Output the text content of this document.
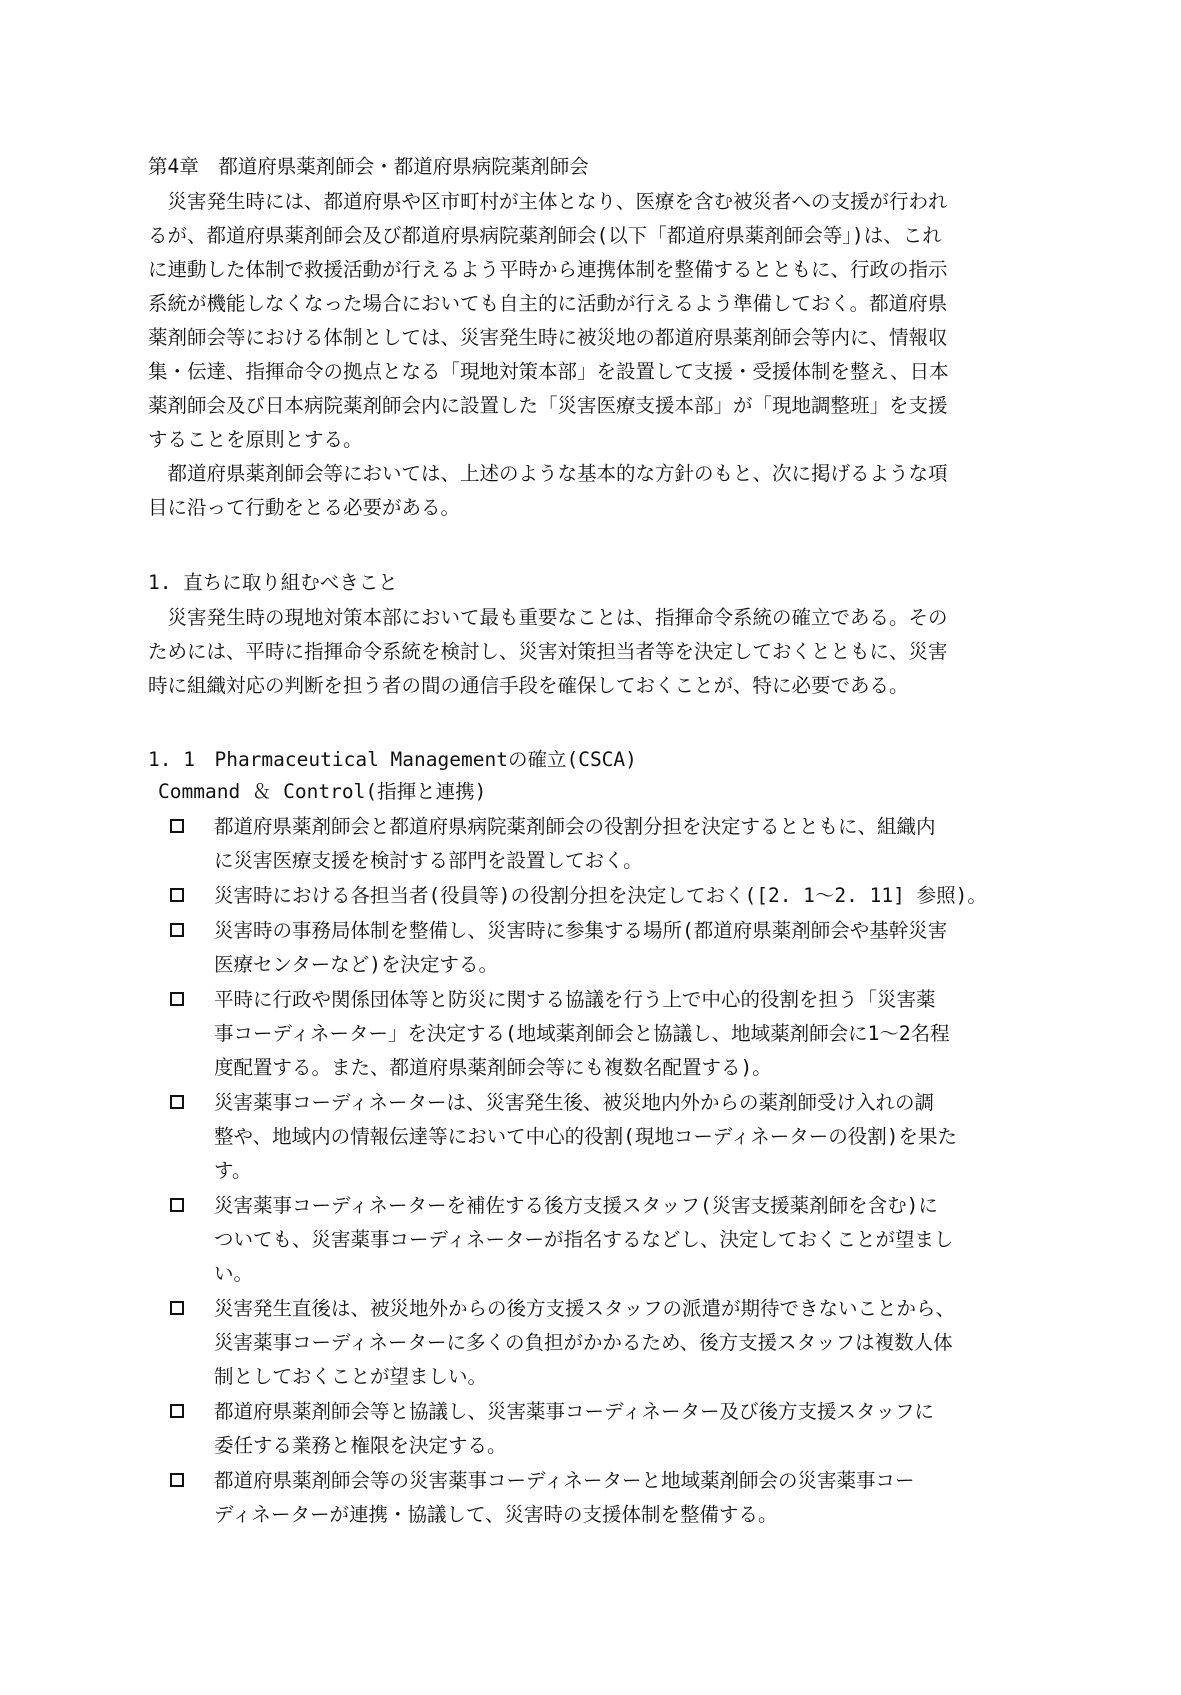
第4章　都道府県薬剤師会・都道府県病院薬剤師会
　災害発生時には、都道府県や区市町村が主体となり、医療を含む被災者への支援が行われ
るが、都道府県薬剤師会及び都道府県病院薬剤師会(以下「都道府県薬剤師会等」)は、これ
に連動した体制で救援活動が行えるよう平時から連携体制を整備するとともに、行政の指示
系統が機能しなくなった場合においても自主的に活動が行えるよう準備しておく。都道府県
薬剤師会等における体制としては、災害発生時に被災地の都道府県薬剤師会等内に、情報収
集・伝達、指揮命令の拠点となる「現地対策本部」を設置して支援・受援体制を整え、日本
薬剤師会及び日本病院薬剤師会内に設置した「災害医療支援本部」が「現地調整班」を支援
することを原則とする。
　都道府県薬剤師会等においては、上述のような基本的な方針のもと、次に掲げるような項
目に沿って行動をとる必要がある。
1. 直ちに取り組むべきこと
　災害発生時の現地対策本部において最も重要なことは、指揮命令系統の確立である。その
ためには、平時に指揮命令系統を検討し、災害対策担当者等を決定しておくとともに、災害
時に組織対応の判断を担う者の間の通信手段を確保しておくことが、特に必要である。
1. 1　Pharmaceutical Managementの確立(CSCA)
Command ＆ Control(指揮と連携)
都道府県薬剤師会と都道府県病院薬剤師会の役割分担を決定するとともに、組織内
に災害医療支援を検討する部門を設置しておく。
災害時における各担当者(役員等)の役割分担を決定しておく([2. 1～2. 11] 参照)。
災害時の事務局体制を整備し、災害時に参集する場所(都道府県薬剤師会や基幹災害
医療センターなど)を決定する。
平時に行政や関係団体等と防災に関する協議を行う上で中心的役割を担う「災害薬
事コーディネーター」を決定する(地域薬剤師会と協議し、地域薬剤師会に1～2名程
度配置する。また、都道府県薬剤師会等にも複数名配置する)。
災害薬事コーディネーターは、災害発生後、被災地内外からの薬剤師受け入れの調
整や、地域内の情報伝達等において中心的役割(現地コーディネーターの役割)を果た
す。
災害薬事コーディネーターを補佐する後方支援スタッフ(災害支援薬剤師を含む)に
ついても、災害薬事コーディネーターが指名するなどし、決定しておくことが望まし
い。
災害発生直後は、被災地外からの後方支援スタッフの派遣が期待できないことから、
災害薬事コーディネーターに多くの負担がかかるため、後方支援スタッフは複数人体
制としておくことが望ましい。
都道府県薬剤師会等と協議し、災害薬事コーディネーター及び後方支援スタッフに
委任する業務と権限を決定する。
都道府県薬剤師会等の災害薬事コーディネーターと地域薬剤師会の災害薬事コー
ディネーターが連携・協議して、災害時の支援体制を整備する。
